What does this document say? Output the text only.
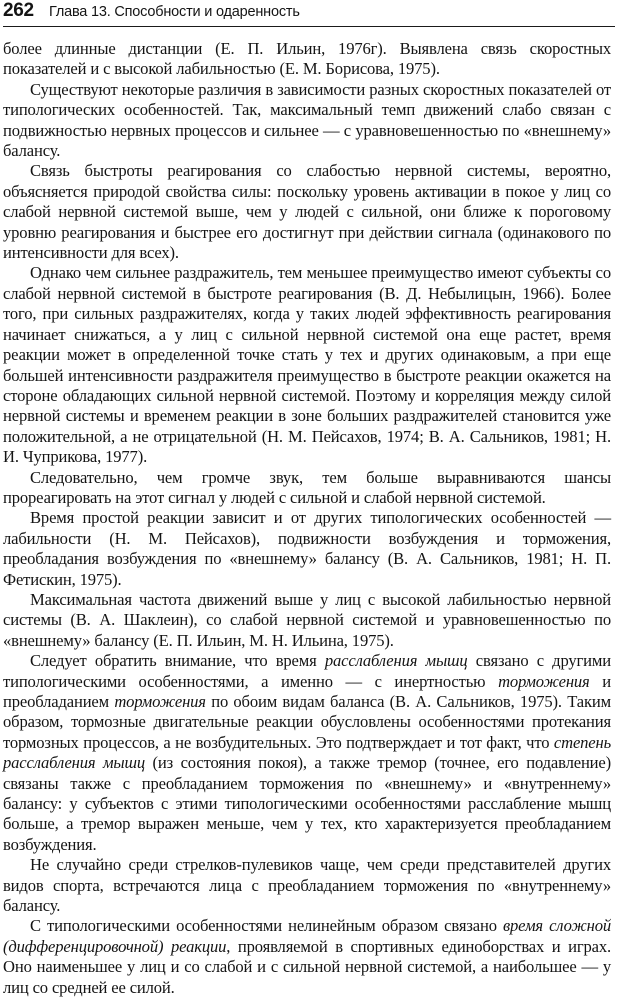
262 Глава 13. Способности и одаренность

более длинные дистанции (Е. П. Ильин, 1976г). Выявлена связь скоростных показателей и с высокой лабильностью (Е. М. Борисова, 1975).

Существуют некоторые различия в зависимости разных скоростных показателей от типологических особенностей. Так, максимальный темп движений слабо связан с подвижностью нервных процессов и сильнее — с уравновешенностью по «внешнему» балансу.

Связь быстроты реагирования со слабостью нервной системы, вероятно, объясняется природой свойства силы: поскольку уровень активации в покое у лиц со слабой нервной системой выше, чем у людей с сильной, они ближе к пороговому уровню реагирования и быстрее его достигнут при действии сигнала (одинакового по интенсивности для всех).

Однако чем сильнее раздражитель, тем меньшее преимущество имеют субъекты со слабой нервной системой в быстроте реагирования (В. Д. Небылицын, 1966). Более того, при сильных раздражителях, когда у таких людей эффективность реагирования начинает снижаться, а у лиц с сильной нервной системой она еще растет, время реакции может в определенной точке стать у тех и других одинаковым, а при еще большей интенсивности раздражителя преимущество в быстроте реакции окажется на стороне обладающих сильной нервной системой. Поэтому и корреляция между силой нервной системы и временем реакции в зоне больших раздражителей становится уже положительной, а не отрицательной (Н. М. Пейсахов, 1974; В. А. Сальников, 1981; Н. И. Чуприкова, 1977).

Следовательно, чем громче звук, тем больше выравниваются шансы прореагировать на этот сигнал у людей с сильной и слабой нервной системой.

Время простой реакции зависит и от других типологических особенностей — лабильности (Н. М. Пейсахов), подвижности возбуждения и торможения, преобладания возбуждения по «внешнему» балансу (В. А. Сальников, 1981; Н. П. Фетискин, 1975).

Максимальная частота движений выше у лиц с высокой лабильностью нервной системы (В. А. Шаклеин), со слабой нервной системой и уравновешенностью по «внешнему» балансу (Е. П. Ильин, М. Н. Ильина, 1975).

Следует обратить внимание, что время расслабления мышц связано с другими типологическими особенностями, а именно — с инертностью торможения и преобладанием торможения по обоим видам баланса (В. А. Сальников, 1975). Таким образом, тормозные двигательные реакции обусловлены особенностями протекания тормозных процессов, а не возбудительных. Это подтверждает и тот факт, что степень расслабления мышц (из состояния покоя), а также тремор (точнее, его подавление) связаны также с преобладанием торможения по «внешнему» и «внутреннему» балансу: у субъектов с этими типологическими особенностями расслабление мышц больше, а тремор выражен меньше, чем у тех, кто характеризуется преобладанием возбуждения.

Не случайно среди стрелков-пулевиков чаще, чем среди представителей других видов спорта, встречаются лица с преобладанием торможения по «внутреннему» балансу.

С типологическими особенностями нелинейным образом связано время сложной (дифференцировочной) реакции, проявляемой в спортивных единоборствах и играх. Оно наименьшее у лиц и со слабой и с сильной нервной системой, а наибольшее — у лиц со средней ее силой.
